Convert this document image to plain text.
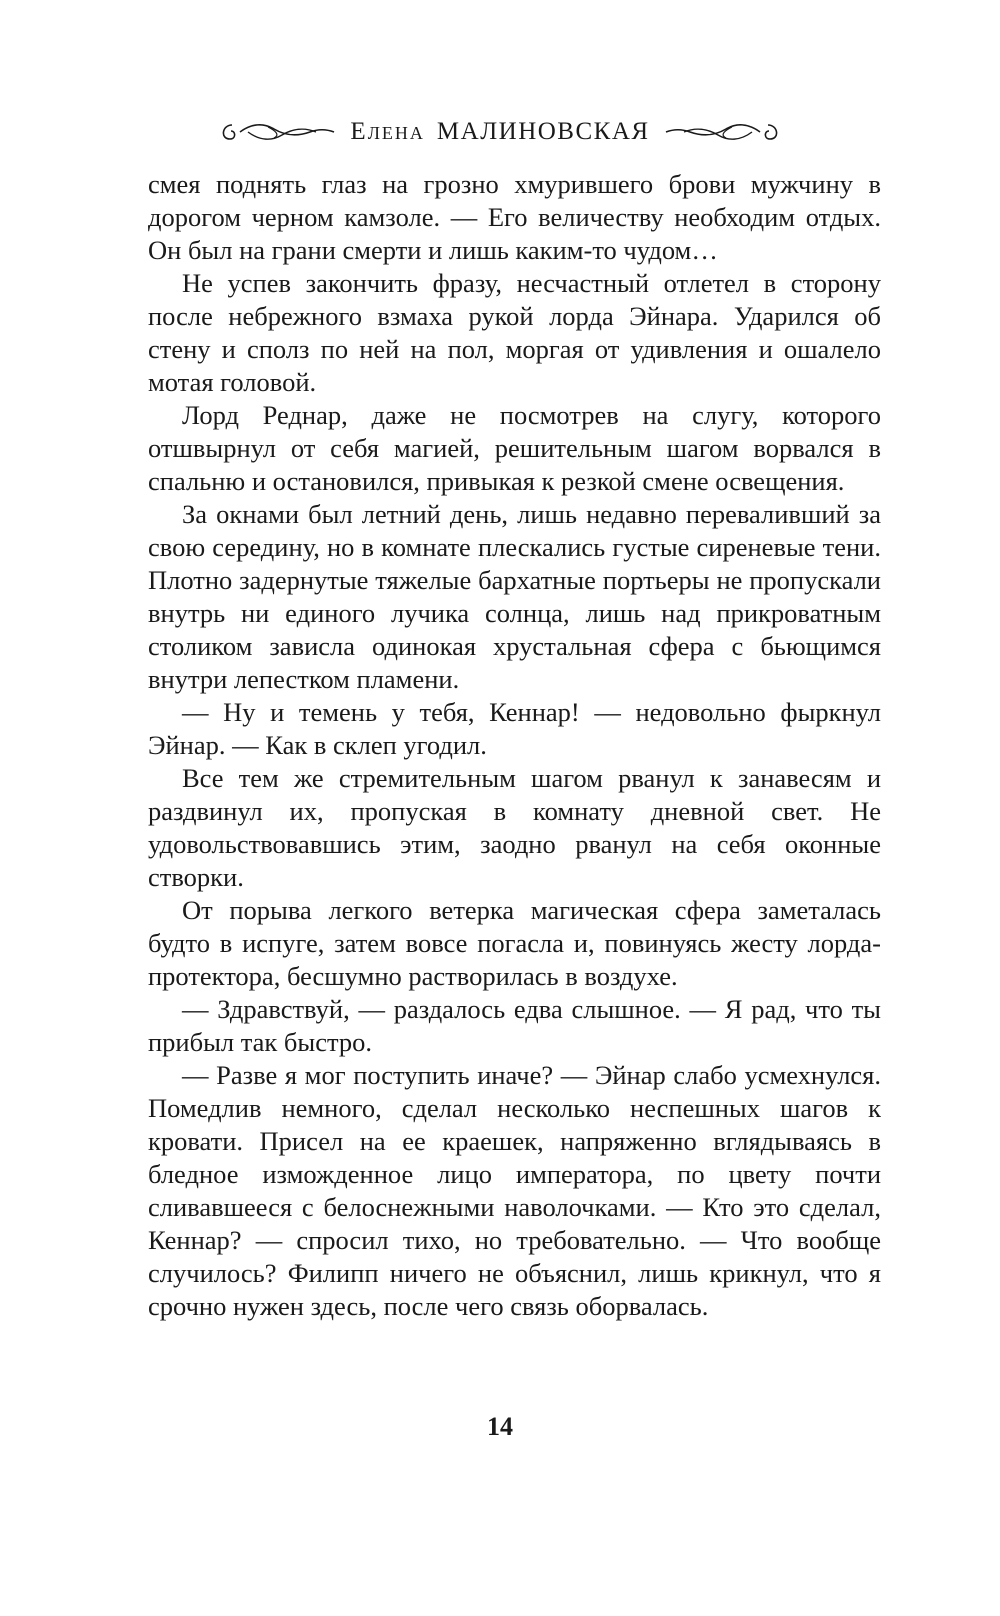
Елена МАЛИНОВСКАЯ

смея поднять глаз на грозно хмурившего брови мужчину в дорогом черном камзоле. — Его величеству необходим отдых. Он был на грани смерти и лишь каким-то чудом…

Не успев закончить фразу, несчастный отлетел в сторону после небрежного взмаха рукой лорда Эйнара. Ударился об стену и сполз по ней на пол, моргая от удивления и ошалело мотая головой.

Лорд Реднар, даже не посмотрев на слугу, которого отшвырнул от себя магией, решительным шагом ворвался в спальню и остановился, привыкая к резкой смене освещения.

За окнами был летний день, лишь недавно переваливший за свою середину, но в комнате плескались густые сиреневые тени. Плотно задернутые тяжелые бархатные портьеры не пропускали внутрь ни единого лучика солнца, лишь над прикроватным столиком зависла одинокая хрустальная сфера с бьющимся внутри лепестком пламени.

— Ну и темень у тебя, Кеннар! — недовольно фыркнул Эйнар. — Как в склеп угодил.

Все тем же стремительным шагом рванул к занавесям и раздвинул их, пропуская в комнату дневной свет. Не удовольствовавшись этим, заодно рванул на себя оконные створки.

От порыва легкого ветерка магическая сфера заметалась будто в испуге, затем вовсе погасла и, повинуясь жесту лорда-протектора, бесшумно растворилась в воздухе.

— Здравствуй, — раздалось едва слышное. — Я рад, что ты прибыл так быстро.

— Разве я мог поступить иначе? — Эйнар слабо усмехнулся. Помедлив немного, сделал несколько неспешных шагов к кровати. Присел на ее краешек, напряженно вглядываясь в бледное изможденное лицо императора, по цвету почти сливавшееся с белоснежными наволочками. — Кто это сделал, Кеннар? — спросил тихо, но требовательно. — Что вообще случилось? Филипп ничего не объяснил, лишь крикнул, что я срочно нужен здесь, после чего связь оборвалась.

14
